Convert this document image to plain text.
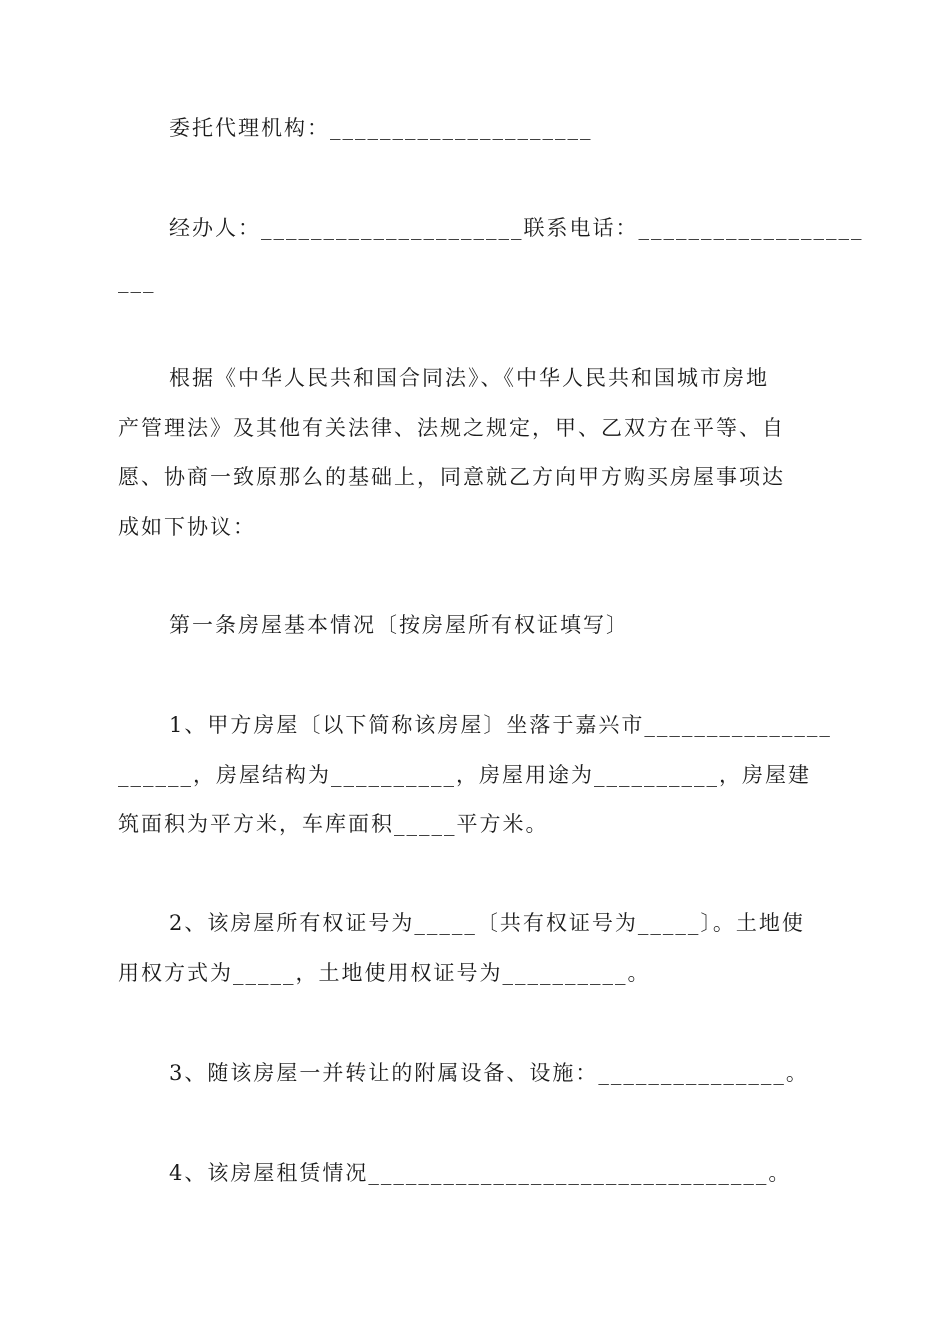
委托代理机构：_____________________
经办人：_____________________联系电话：__________________
___
根据《中华人民共和国合同法》、《中华人民共和国城市房地
产管理法》及其他有关法律、法规之规定，甲、乙双方在平等、自
愿、协商一致原那么的基础上，同意就乙方向甲方购买房屋事项达
成如下协议：
第一条房屋基本情况〔按房屋所有权证填写〕
1、甲方房屋〔以下简称该房屋〕坐落于嘉兴市_______________
______，房屋结构为__________，房屋用途为__________，房屋建
筑面积为平方米，车库面积_____平方米。
2、该房屋所有权证号为_____〔共有权证号为_____〕。土地使
用权方式为_____，土地使用权证号为__________。
3、随该房屋一并转让的附属设备、设施：_______________。
4、该房屋租赁情况________________________________。
